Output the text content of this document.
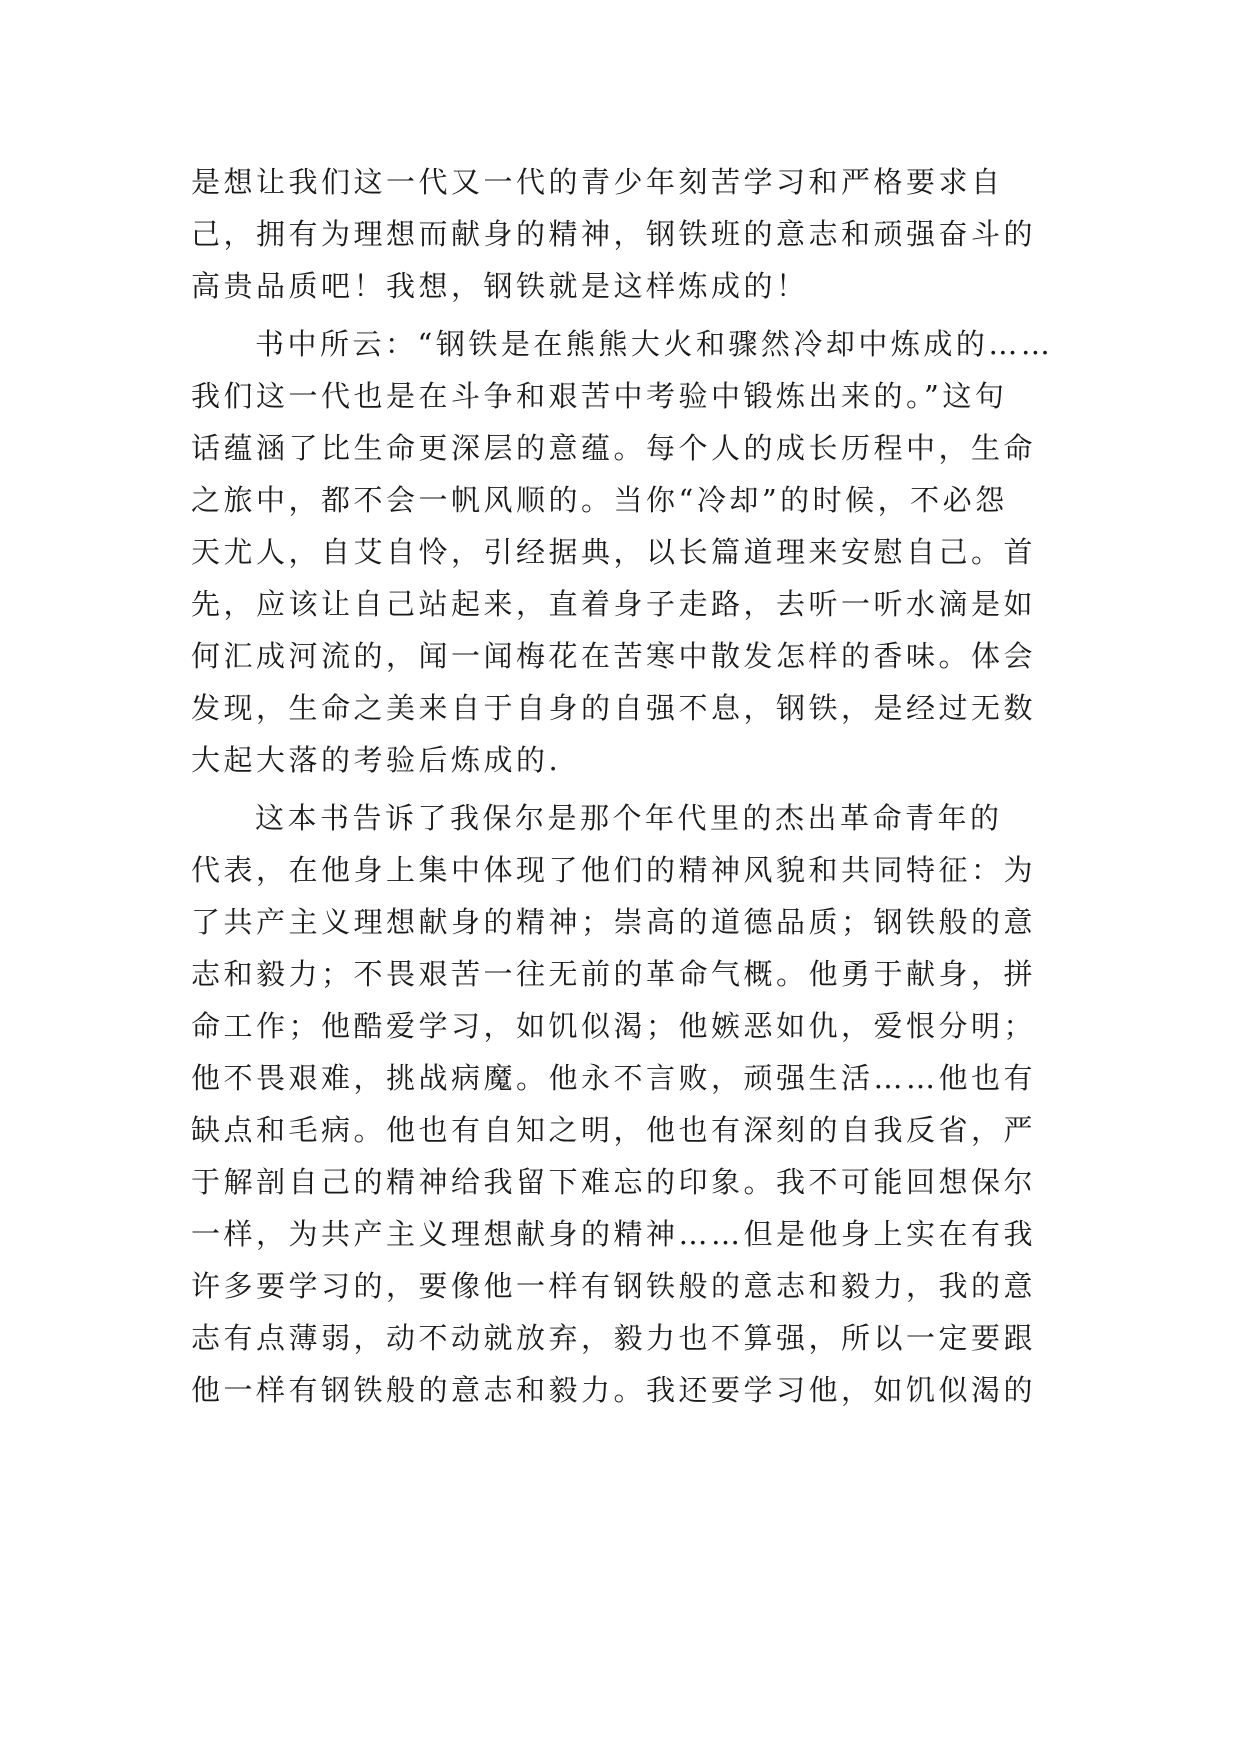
是想让我们这一代又一代的青少年刻苦学习和严格要求自
己，拥有为理想而献身的精神，钢铁班的意志和顽强奋斗的
高贵品质吧！我想，钢铁就是这样炼成的！
书中所云：“钢铁是在熊熊大火和骤然冷却中炼成的……
我们这一代也是在斗争和艰苦中考验中锻炼出来的。”这句
话蕴涵了比生命更深层的意蕴。每个人的成长历程中，生命
之旅中，都不会一帆风顺的。当你“冷却”的时候，不必怨
天尤人，自艾自怜，引经据典，以长篇道理来安慰自己。首
先，应该让自己站起来，直着身子走路，去听一听水滴是如
何汇成河流的，闻一闻梅花在苦寒中散发怎样的香味。体会
发现，生命之美来自于自身的自强不息，钢铁，是经过无数
大起大落的考验后炼成的.
这本书告诉了我保尔是那个年代里的杰出革命青年的
代表，在他身上集中体现了他们的精神风貌和共同特征：为
了共产主义理想献身的精神；崇高的道德品质；钢铁般的意
志和毅力；不畏艰苦一往无前的革命气概。他勇于献身，拼
命工作；他酷爱学习，如饥似渴；他嫉恶如仇，爱恨分明；
他不畏艰难，挑战病魔。他永不言败，顽强生活……他也有
缺点和毛病。他也有自知之明，他也有深刻的自我反省，严
于解剖自己的精神给我留下难忘的印象。我不可能回想保尔
一样，为共产主义理想献身的精神……但是他身上实在有我
许多要学习的，要像他一样有钢铁般的意志和毅力，我的意
志有点薄弱，动不动就放弃，毅力也不算强，所以一定要跟
他一样有钢铁般的意志和毅力。我还要学习他，如饥似渴的
